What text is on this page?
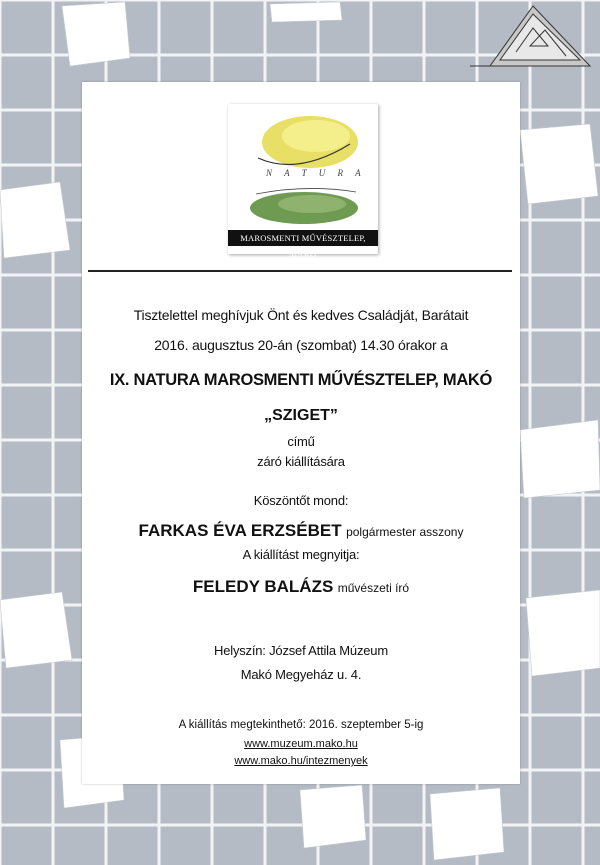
N A T U R A
MAROSMENTI MŰVÉSZTELEP, MAKÓ
Tisztelettel meghívjuk Önt és kedves Családját, Barátait
2016. augusztus 20-án (szombat) 14.30 órakor a
IX. NATURA MAROSMENTI MŰVÉSZTELEP, MAKÓ
„SZIGET”
című
záró kiállítására
Köszöntőt mond:
FARKAS ÉVA ERZSÉBET polgármester asszony
A kiállítást megnyitja:
FELEDY BALÁZS művészeti író
Helyszín: József Attila Múzeum
Makó Megyeház u. 4.
A kiállítás megtekinthető: 2016. szeptember 5-ig
www.muzeum.mako.hu
www.mako.hu/intezmenyek
